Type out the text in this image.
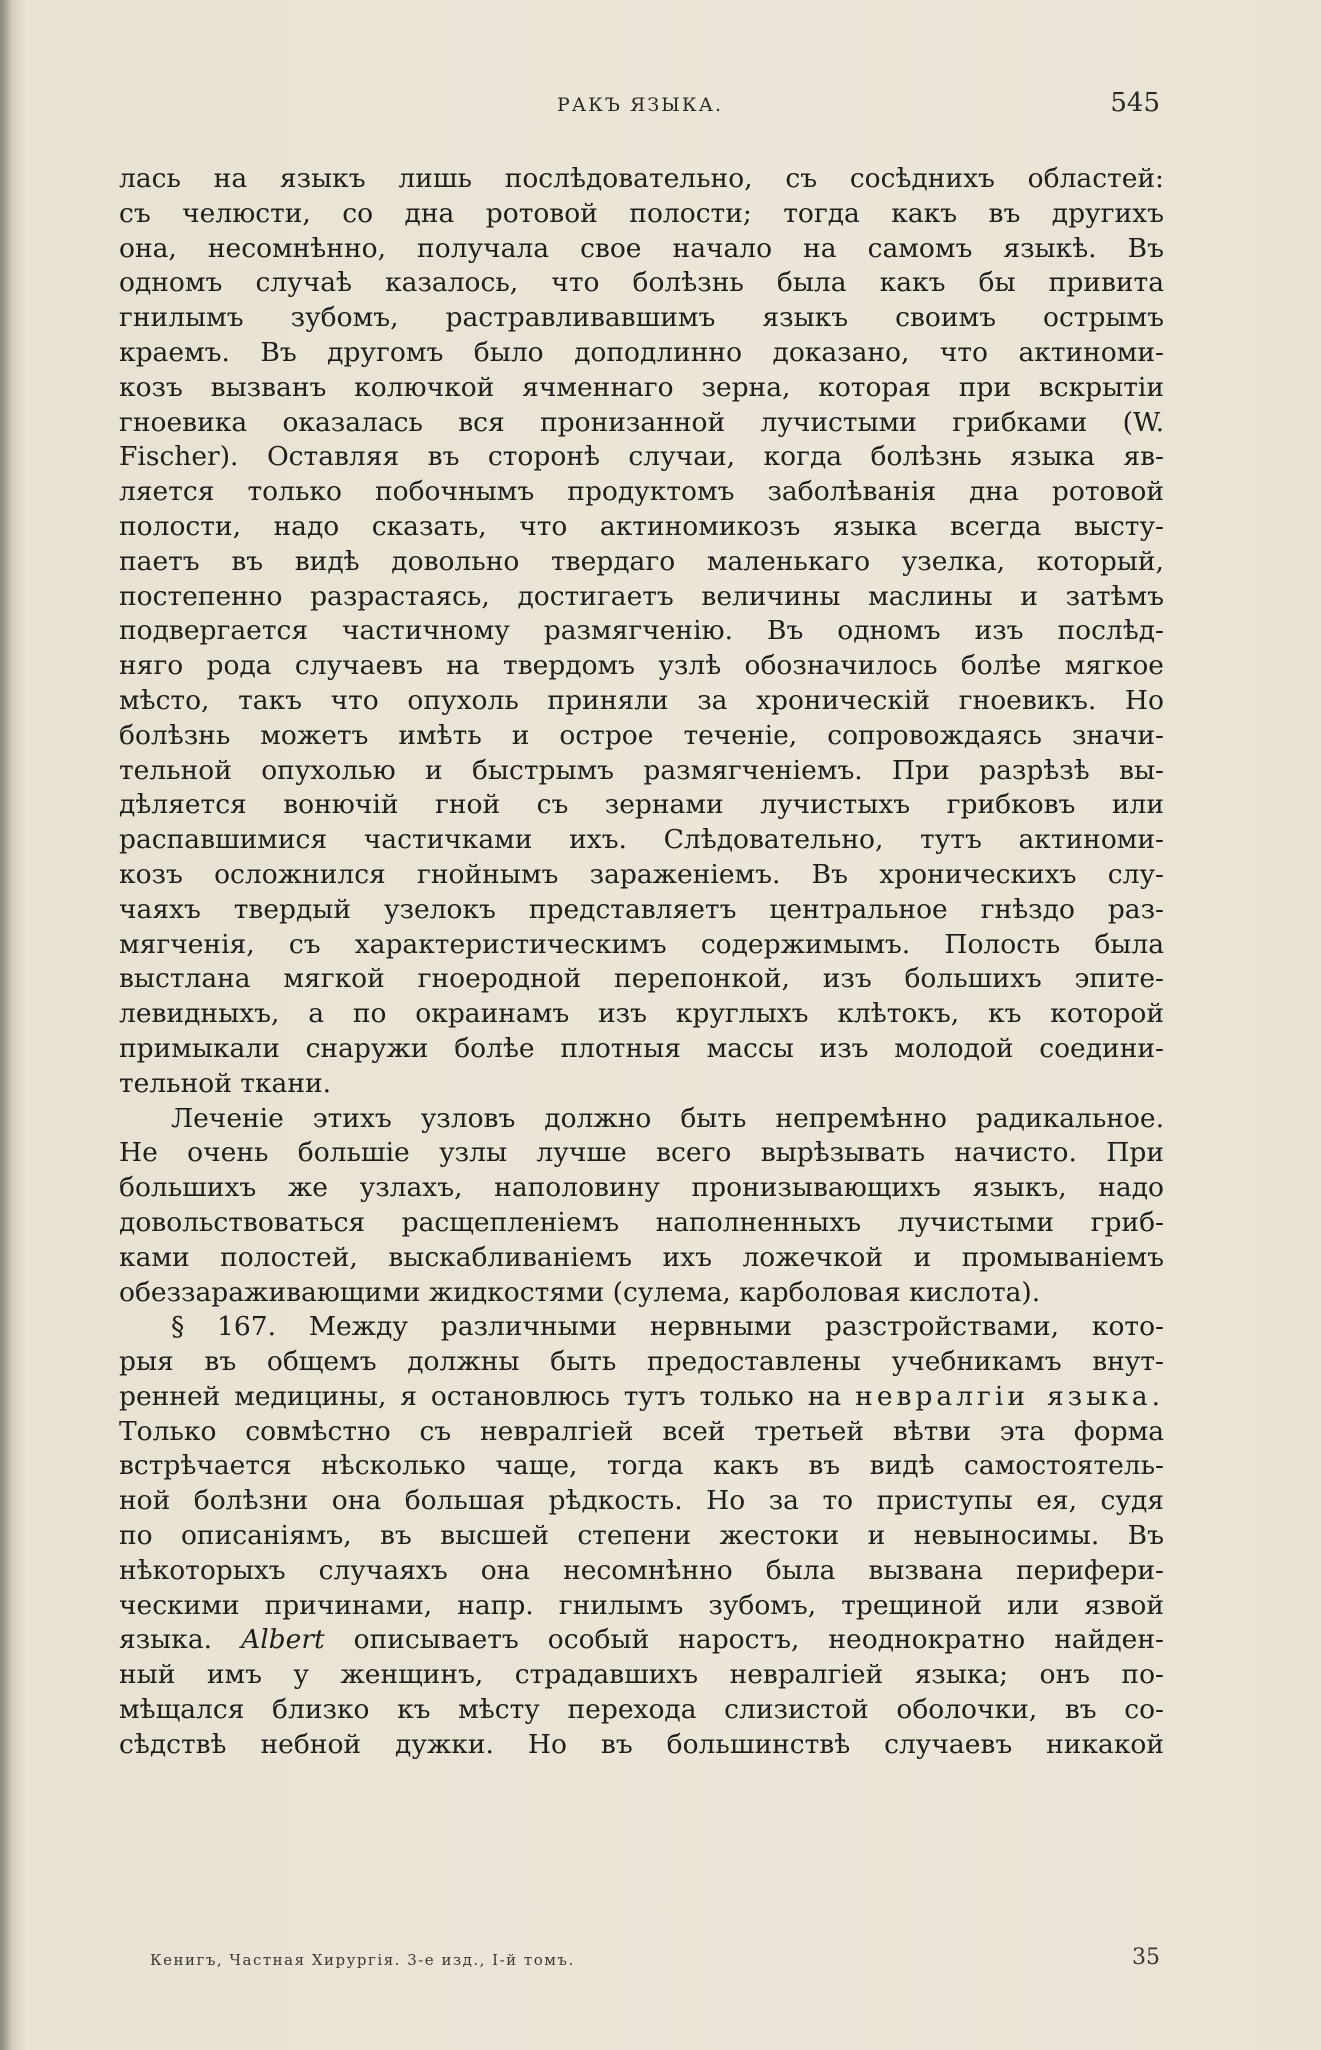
РАКЪ ЯЗЫКА.	545
лась на языкъ лишь послѣдовательно, съ сосѣднихъ областей:
съ челюсти, со дна ротовой полости; тогда какъ въ другихъ
она, несомнѣнно, получала свое начало на самомъ языкѣ. Въ
одномъ случаѣ казалось, что болѣзнь была какъ бы привита
гнилымъ зубомъ, растравливавшимъ языкъ своимъ острымъ
краемъ. Въ другомъ было доподлинно доказано, что актиноми-
козъ вызванъ колючкой ячменнаго зерна, которая при вскрытіи
гноевика оказалась вся пронизанной лучистыми грибками (W.
Fischer). Оставляя въ сторонѣ случаи, когда болѣзнь языка яв-
ляется только побочнымъ продуктомъ заболѣванія дна ротовой
полости, надо сказать, что актиномикозъ языка всегда высту-
паетъ въ видѣ довольно твердаго маленькаго узелка, который,
постепенно разрастаясь, достигаетъ величины маслины и затѣмъ
подвергается частичному размягченію. Въ одномъ изъ послѣд-
няго рода случаевъ на твердомъ узлѣ обозначилось болѣе мягкое
мѣсто, такъ что опухоль приняли за хроническій гноевикъ. Но
болѣзнь можетъ имѣть и острое теченіе, сопровождаясь значи-
тельной опухолью и быстрымъ размягченіемъ. При разрѣзѣ вы-
дѣляется вонючій гной съ зернами лучистыхъ грибковъ или
распавшимися частичками ихъ. Слѣдовательно, тутъ актиноми-
козъ осложнился гнойнымъ зараженіемъ. Въ хроническихъ слу-
чаяхъ твердый узелокъ представляетъ центральное гнѣздо раз-
мягченія, съ характеристическимъ содержимымъ. Полость была
выстлана мягкой гноеродной перепонкой, изъ большихъ эпите-
левидныхъ, а по окраинамъ изъ круглыхъ клѣтокъ, къ которой
примыкали снаружи болѣе плотныя массы изъ молодой соедини-
тельной ткани.
Леченіе этихъ узловъ должно быть непремѣнно радикальное.
Не очень большіе узлы лучше всего вырѣзывать начисто. При
большихъ же узлахъ, наполовину пронизывающихъ языкъ, надо
довольствоваться расщепленіемъ наполненныхъ лучистыми гриб-
ками полостей, выскабливаніемъ ихъ ложечкой и промываніемъ
обеззараживающими жидкостями (сулема, карболовая кислота).
§ 167. Между различными нервными разстройствами, кото-
рыя въ общемъ должны быть предоставлены учебникамъ внут-
ренней медицины, я остановлюсь тутъ только на невралгіи языка.
Только совмѣстно съ невралгіей всей третьей вѣтви эта форма
встрѣчается нѣсколько чаще, тогда какъ въ видѣ самостоятель-
ной болѣзни она большая рѣдкость. Но за то приступы ея, судя
по описаніямъ, въ высшей степени жестоки и невыносимы. Въ
нѣкоторыхъ случаяхъ она несомнѣнно была вызвана перифери-
ческими причинами, напр. гнилымъ зубомъ, трещиной или язвой
языка. Albert описываетъ особый наростъ, неоднократно найден-
ный имъ у женщинъ, страдавшихъ невралгіей языка; онъ по-
мѣщался близко къ мѣсту перехода слизистой оболочки, въ со-
сѣдствѣ небной дужки. Но въ большинствѣ случаевъ никакой
Кенигъ, Частная Хирургія. 3-е изд., I-й томъ.	35
